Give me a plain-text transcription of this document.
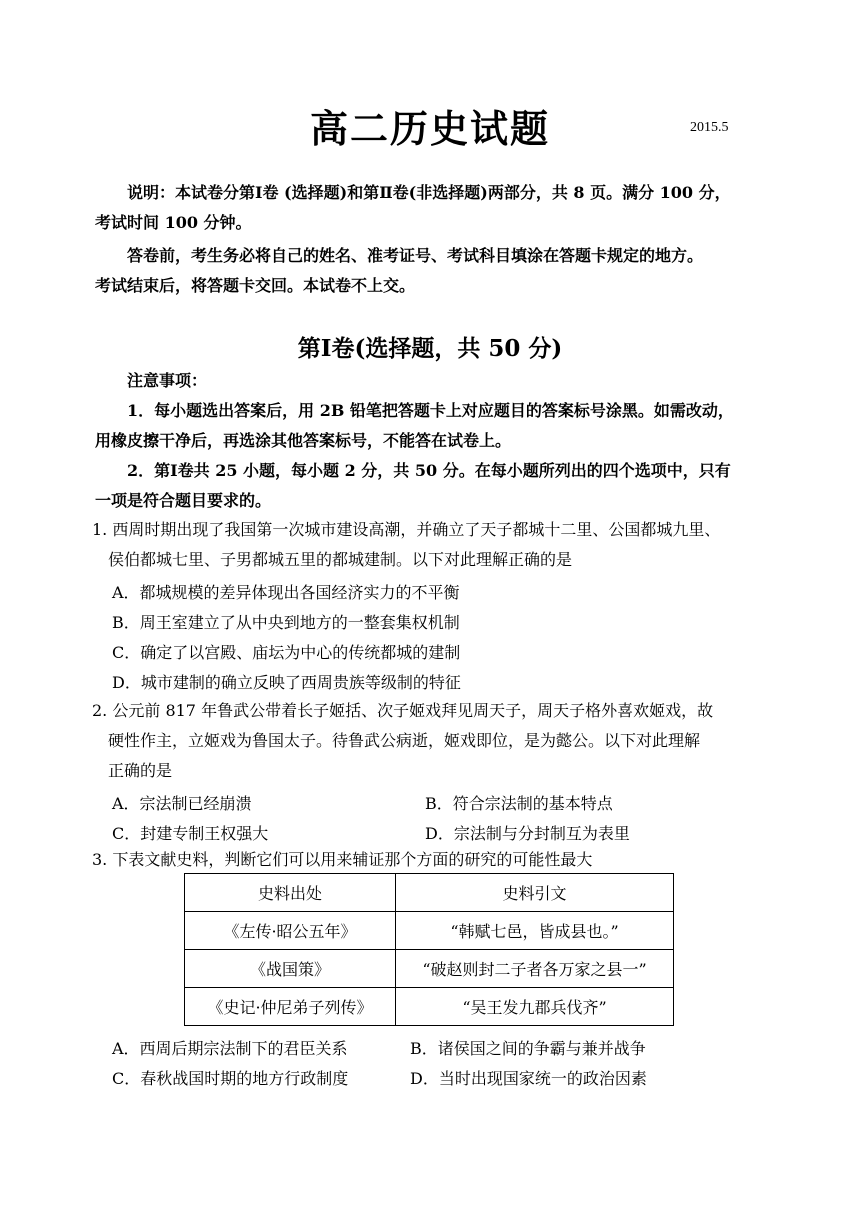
高二历史试题	2015.5
说明：本试卷分第Ⅰ卷 (选择题)和第Ⅱ卷(非选择题)两部分，共 8 页。满分 100 分，
考试时间 100 分钟。
答卷前，考生务必将自己的姓名、准考证号、考试科目填涂在答题卡规定的地方。
考试结束后，将答题卡交回。本试卷不上交。
第Ⅰ卷(选择题，共 50 分)
注意事项：
1．每小题选出答案后，用 2B 铅笔把答题卡上对应题目的答案标号涂黑。如需改动，
用橡皮擦干净后，再选涂其他答案标号，不能答在试卷上。
2．第Ⅰ卷共 25 小题，每小题 2 分，共 50 分。在每小题所列出的四个选项中，只有
一项是符合题目要求的。
1. 西周时期出现了我国第一次城市建设高潮，并确立了天子都城十二里、公国都城九里、
侯伯都城七里、子男都城五里的都城建制。以下对此理解正确的是
A．都城规模的差异体现出各国经济实力的不平衡
B．周王室建立了从中央到地方的一整套集权机制
C．确定了以宫殿、庙坛为中心的传统都城的建制
D．城市建制的确立反映了西周贵族等级制的特征
2. 公元前 817 年鲁武公带着长子姬括、次子姬戏拜见周天子，周天子格外喜欢姬戏，故
硬性作主，立姬戏为鲁国太子。待鲁武公病逝，姬戏即位，是为懿公。以下对此理解
正确的是
A．宗法制已经崩溃	B．符合宗法制的基本特点
C．封建专制王权强大	D．宗法制与分封制互为表里
3. 下表文献史料，判断它们可以用来辅证那个方面的研究的可能性最大
史料出处	史料引文
《左传·昭公五年》	“韩赋七邑，皆成县也。”
《战国策》	“破赵则封二子者各万家之县一”
《史记·仲尼弟子列传》	“吴王发九郡兵伐齐”
A．西周后期宗法制下的君臣关系	B．诸侯国之间的争霸与兼并战争
C．春秋战国时期的地方行政制度	D．当时出现国家统一的政治因素
